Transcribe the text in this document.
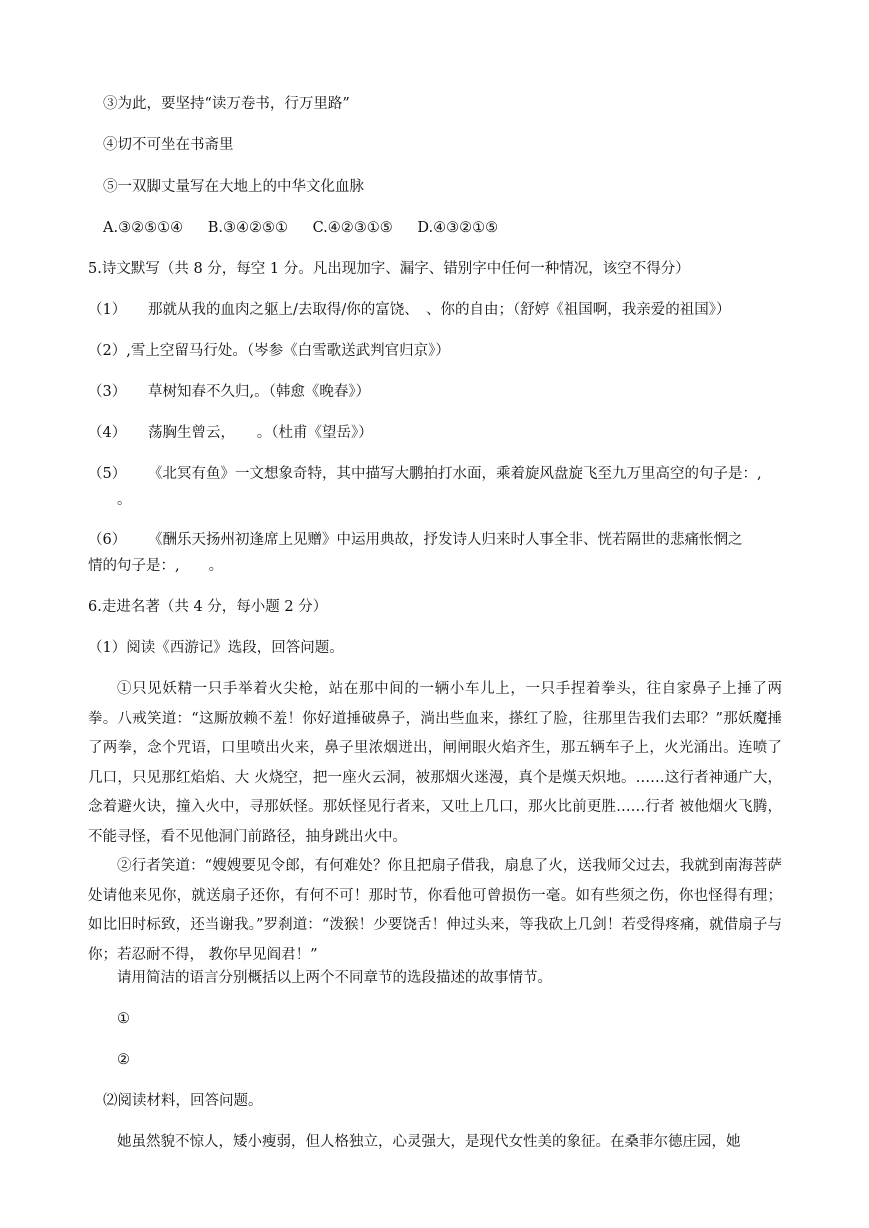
③为此，要坚持“读万卷书，行万里路”
④切不可坐在书斋里
⑤一双脚丈量写在大地上的中华文化血脉
A.③②⑤①④ B.③④②⑤① C.④②③①⑤ D.④③②①⑤
5.诗文默写（共 8 分，每空 1 分。凡出现加字、漏字、错别字中任何一种情况，该空不得分）
（1） 那就从我的血肉之躯上/去取得/你的富饶、　、你的自由；（舒婷《祖国啊，我亲爱的祖国》）
（2）,雪上空留马行处。（岑参《白雪歌送武判官归京》）
（3） 草树知春不久归,。（韩愈《晚春》）
（4） 荡胸生曾云，　　。（杜甫《望岳》）
（5） 《北冥有鱼》一文想象奇特，其中描写大鹏拍打水面，乘着旋风盘旋飞至九万里高空的句子是：,
。
（6） 《酬乐天扬州初逢席上见赠》中运用典故，抒发诗人归来时人事全非、恍若隔世的悲痛怅惘之
情的句子是：,　　。
6.走进名著（共 4 分，每小题 2 分）
（1）阅读《西游记》选段，回答问题。
①只见妖精一只手举着火尖枪，站在那中间的一辆小车儿上，一只手捏着拳头，往自家鼻子上捶了两拳。八戒笑道：“这厮放赖不羞！你好道捶破鼻子，淌出些血来，搽红了脸，往那里告我们去耶？”那妖魔捶了两拳，念个咒语，口里喷出火来，鼻子里浓烟迸出，闸闸眼火焰齐生，那五辆车子上，火光涌出。连喷了几口，只见那红焰焰、大 火烧空，把一座火云洞，被那烟火迷漫，真个是熯天炽地。……这行者神通广大，念着避火诀，撞入火中，寻那妖怪。那妖怪见行者来，又吐上几口，那火比前更胜……行者 被他烟火飞腾，不能寻怪，看不见他洞门前路径，抽身跳出火中。
②行者笑道：“嫂嫂要见令郎，有何难处？你且把扇子借我，扇息了火，送我师父过去，我就到南海菩萨处请他来见你，就送扇子还你，有何不可！那时节，你看他可曾损伤一毫。如有些须之伤，你也怪得有理；如比旧时标致，还当谢我。”罗刹道：“泼猴！少要饶舌！伸过头来，等我砍上几剑！若受得疼痛，就借扇子与你；若忍耐不得， 教你早见阎君！”
请用简洁的语言分别概括以上两个不同章节的选段描述的故事情节。
①
②
⑵阅读材料，回答问题。
她虽然貌不惊人，矮小瘦弱，但人格独立，心灵强大，是现代女性美的象征。在桑菲尔德庄园，她
